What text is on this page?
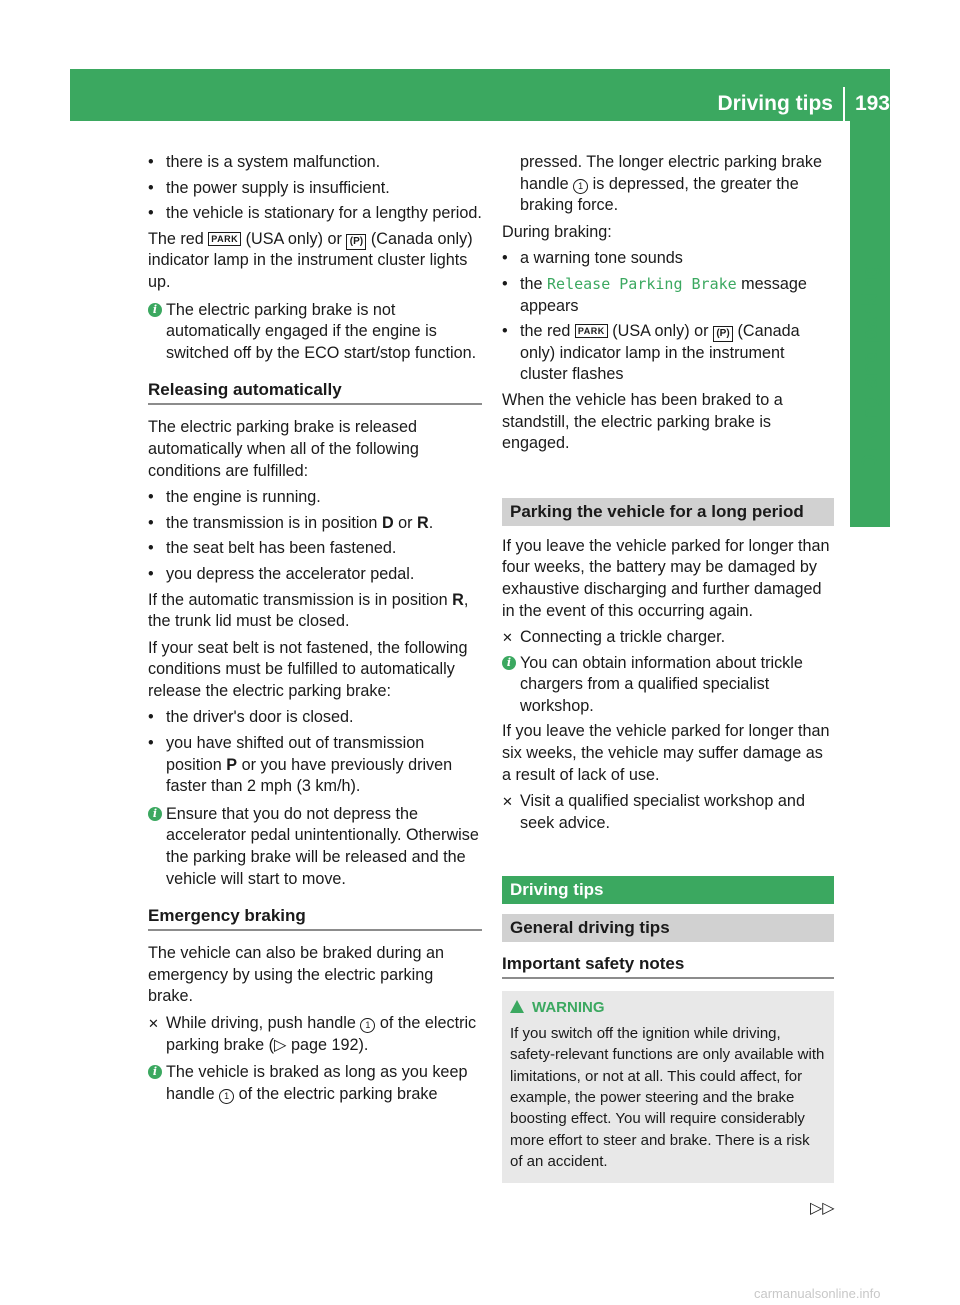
Driving tips 193
Driving and parking
• there is a system malfunction.
• the power supply is insufficient.
• the vehicle is stationary for a lengthy period.

The red PARK (USA only) or (P) (Canada only) indicator lamp in the instrument cluster lights up.

i The electric parking brake is not automatically engaged if the engine is switched off by the ECO start/stop function.
Releasing automatically

The electric parking brake is released automatically when all of the following conditions are fulfilled:

• the engine is running.
• the transmission is in position D or R.
• the seat belt has been fastened.
• you depress the accelerator pedal.

If the automatic transmission is in position R, the trunk lid must be closed.

If your seat belt is not fastened, the following conditions must be fulfilled to automatically release the electric parking brake:

• the driver's door is closed.
• you have shifted out of transmission position P or you have previously driven faster than 2 mph (3 km/h).
i Ensure that you do not depress the accelerator pedal unintentionally. Otherwise the parking brake will be released and the vehicle will start to move.
Emergency braking

The vehicle can also be braked during an emergency by using the electric parking brake.

✕ While driving, push handle 1 of the electric parking brake (▷ page 192).
i The vehicle is braked as long as you keep handle 1 of the electric parking brake

pressed. The longer electric parking brake handle 1 is depressed, the greater the braking force.

During braking:

• a warning tone sounds
• the Release Parking Brake message appears
• the red PARK (USA only) or (P) (Canada only) indicator lamp in the instrument cluster flashes

When the vehicle has been braked to a standstill, the electric parking brake is engaged.

Parking the vehicle for a long period

If you leave the vehicle parked for longer than four weeks, the battery may be damaged by exhaustive discharging and further damaged in the event of this occurring again.

✕ Connecting a trickle charger.
i You can obtain information about trickle chargers from a qualified specialist workshop.

If you leave the vehicle parked for longer than six weeks, the vehicle may suffer damage as a result of lack of use.

✕ Visit a qualified specialist workshop and seek advice.
Driving tips
General driving tips
Important safety notes
WARNING
If you switch off the ignition while driving, safety-relevant functions are only available with limitations, or not at all. This could affect, for example, the power steering and the brake boosting effect. You will require considerably more effort to steer and brake. There is a risk of an accident.
▷▷
carmanualsonline.info
